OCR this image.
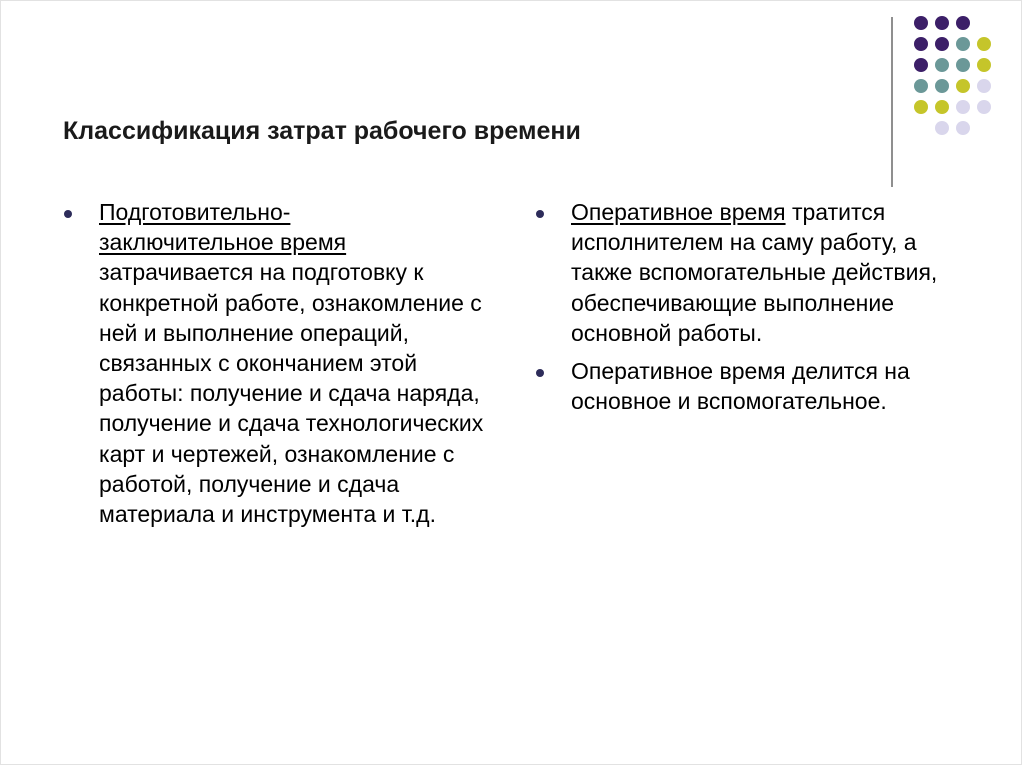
Классификация затрат рабочего времени
Подготовительно-
заключительное время затрачивается на подготовку к конкретной работе, ознакомление с ней и выполнение операций, связанных с окончанием этой работы: получение и сдача наряда, получение и сдача технологических карт и чертежей, ознакомление с работой, получение и сдача материала и инструмента и т.д.
Оперативное время тратится исполнителем на саму работу, а также вспомогательные действия, обеспечивающие выполнение основной работы.
Оперативное время делится на основное и вспомогательное.
